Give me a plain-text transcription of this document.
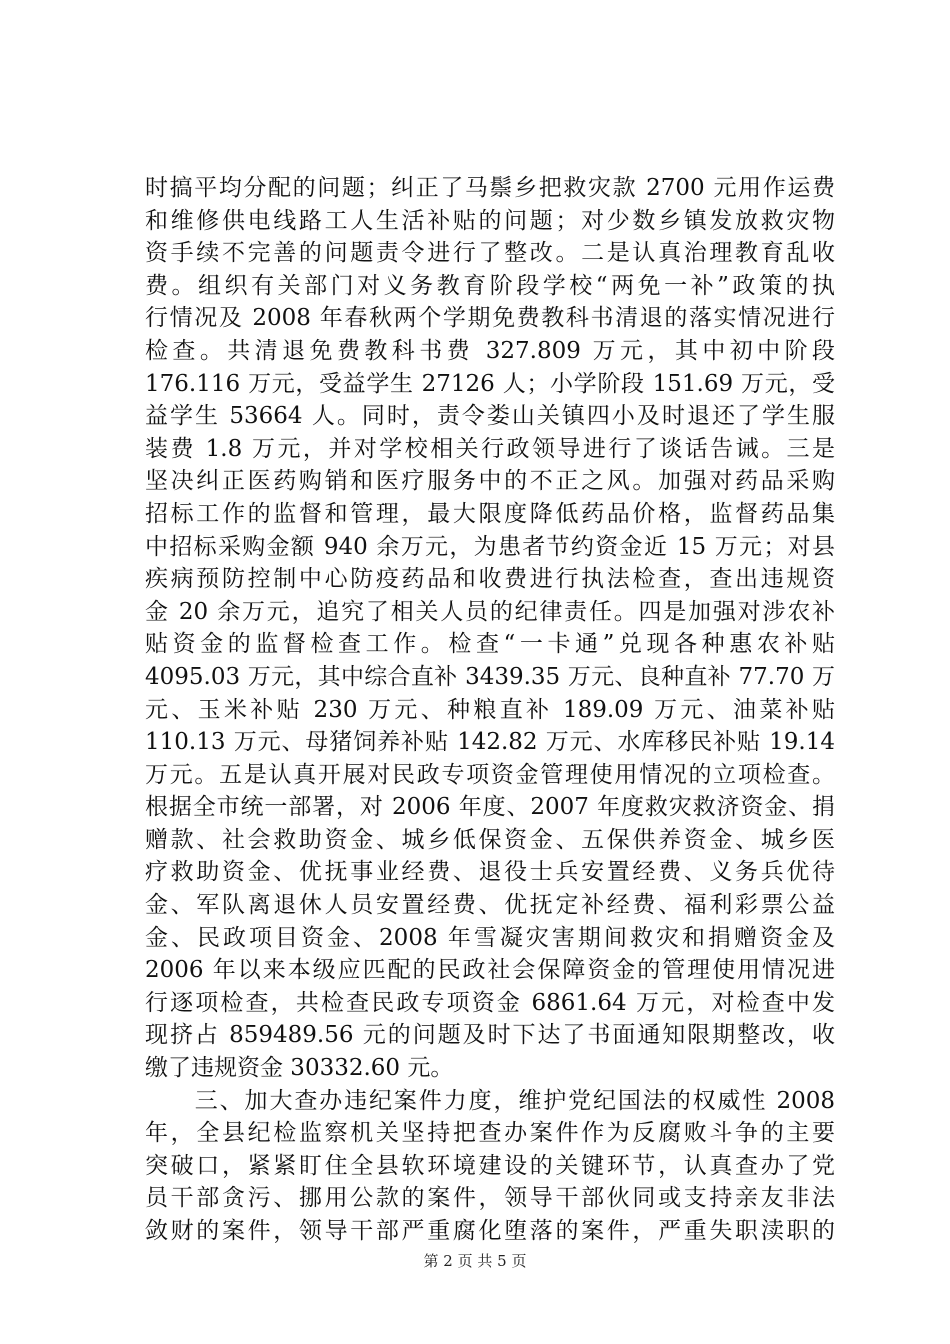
时搞平均分配的问题；纠正了马鬃乡把救灾款 2700 元用作运费
和维修供电线路工人生活补贴的问题；对少数乡镇发放救灾物
资手续不完善的问题责令进行了整改。二是认真治理教育乱收
费。组织有关部门对义务教育阶段学校“两免一补”政策的执
行情况及 2008 年春秋两个学期免费教科书清退的落实情况进行
检查。共清退免费教科书费 327.809 万元，其中初中阶段
176.116 万元，受益学生 27126 人；小学阶段 151.69 万元，受
益学生 53664 人。同时，责令娄山关镇四小及时退还了学生服
装费 1.8 万元，并对学校相关行政领导进行了谈话告诫。三是
坚决纠正医药购销和医疗服务中的不正之风。加强对药品采购
招标工作的监督和管理，最大限度降低药品价格，监督药品集
中招标采购金额 940 余万元，为患者节约资金近 15 万元；对县
疾病预防控制中心防疫药品和收费进行执法检查，查出违规资
金 20 余万元，追究了相关人员的纪律责任。四是加强对涉农补
贴资金的监督检查工作。检查“一卡通”兑现各种惠农补贴
4095.03 万元，其中综合直补 3439.35 万元、良种直补 77.70 万
元、玉米补贴 230 万元、种粮直补 189.09 万元、油菜补贴
110.13 万元、母猪饲养补贴 142.82 万元、水库移民补贴 19.14
万元。五是认真开展对民政专项资金管理使用情况的立项检查。
根据全市统一部署，对 2006 年度、2007 年度救灾救济资金、捐
赠款、社会救助资金、城乡低保资金、五保供养资金、城乡医
疗救助资金、优抚事业经费、退役士兵安置经费、义务兵优待
金、军队离退休人员安置经费、优抚定补经费、福利彩票公益
金、民政项目资金、2008 年雪凝灾害期间救灾和捐赠资金及
2006 年以来本级应匹配的民政社会保障资金的管理使用情况进
行逐项检查，共检查民政专项资金 6861.64 万元，对检查中发
现挤占 859489.56 元的问题及时下达了书面通知限期整改，收
缴了违规资金 30332.60 元。
　　三、加大查办违纪案件力度，维护党纪国法的权威性 2008
年，全县纪检监察机关坚持把查办案件作为反腐败斗争的主要
突破口，紧紧盯住全县软环境建设的关键环节，认真查办了党
员干部贪污、挪用公款的案件，领导干部伙同或支持亲友非法
敛财的案件，领导干部严重腐化堕落的案件，严重失职渎职的
第 2 页 共 5 页
